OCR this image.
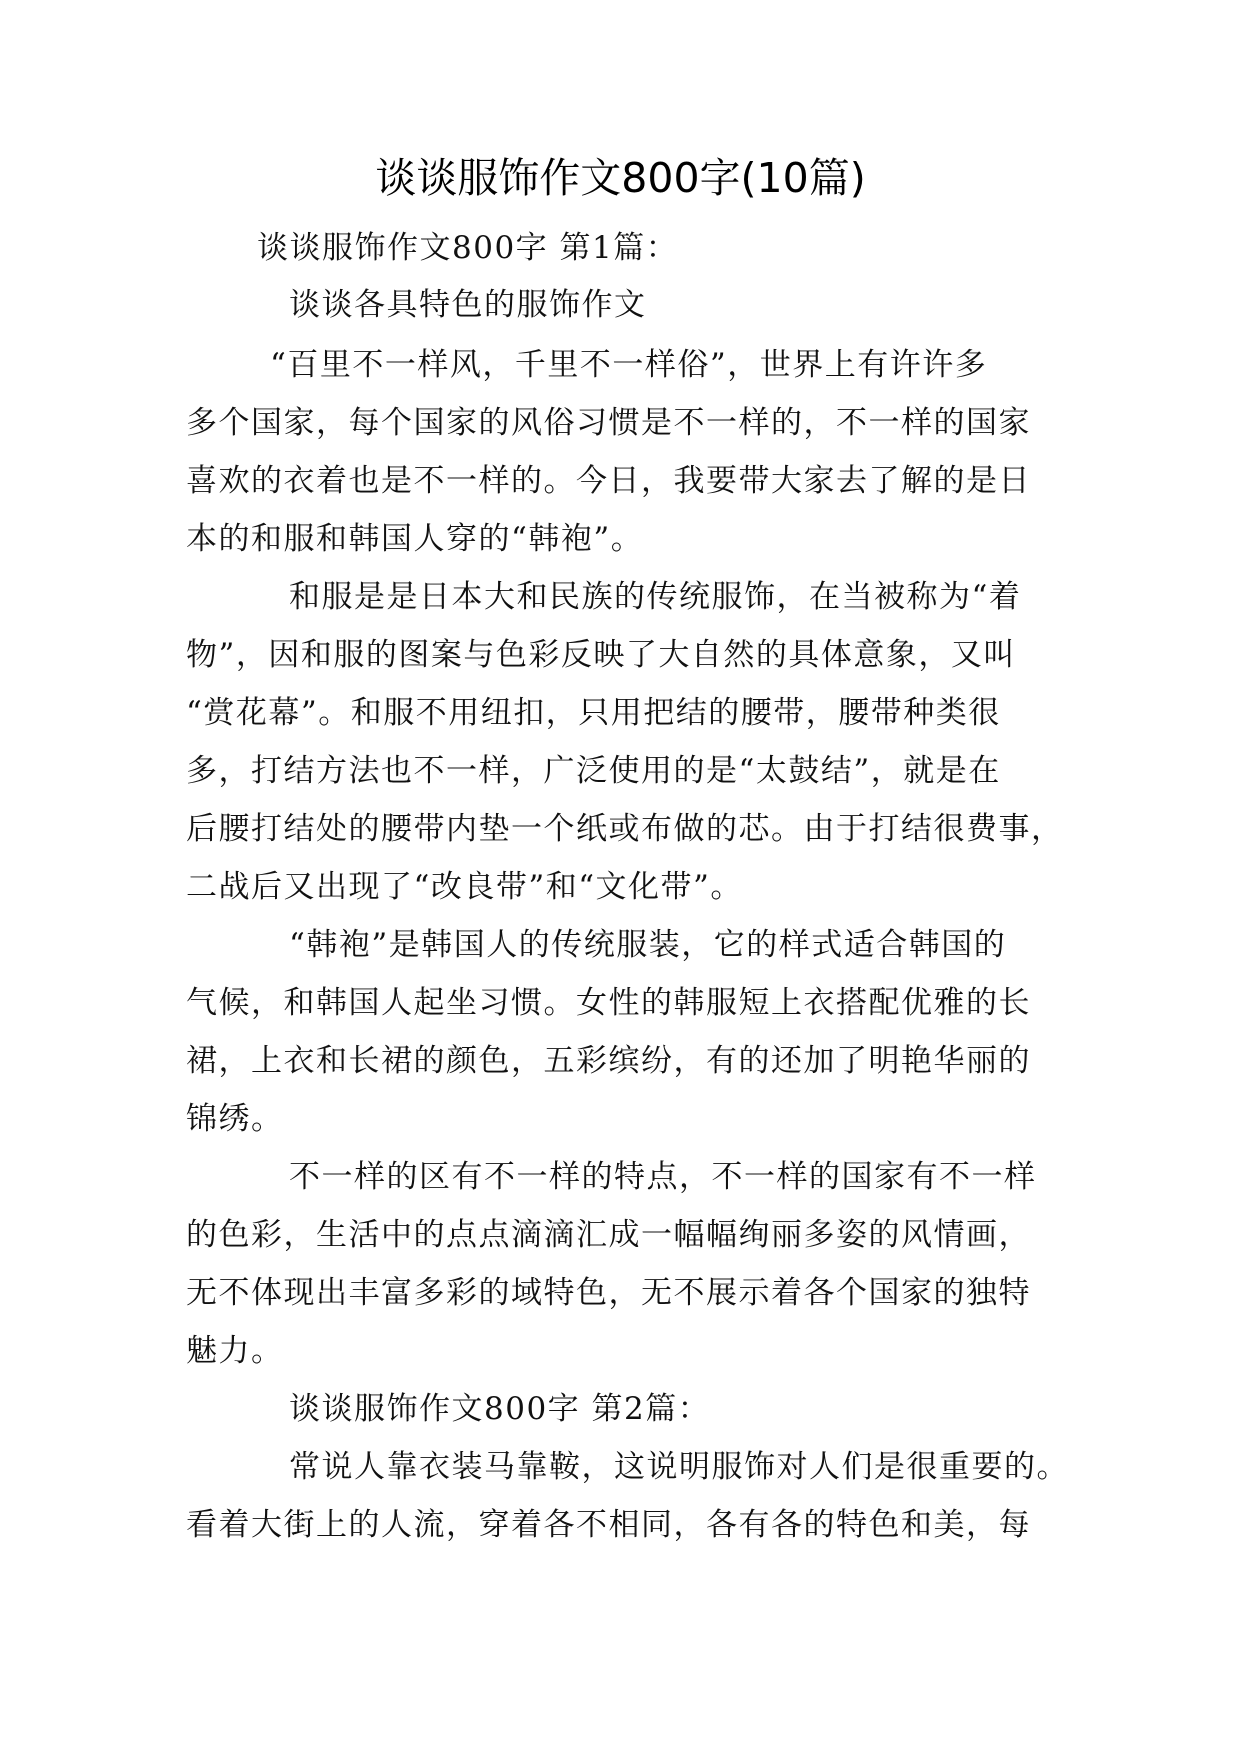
谈谈服饰作文800字(10篇)
谈谈服饰作文800字 第1篇：
谈谈各具特色的服饰作文
“百里不一样风，千里不一样俗”，世界上有许许多
多个国家，每个国家的风俗习惯是不一样的，不一样的国家
喜欢的衣着也是不一样的。今日，我要带大家去了解的是日
本的和服和韩国人穿的“韩袍”。
和服是是日本大和民族的传统服饰，在当被称为“着
物”，因和服的图案与色彩反映了大自然的具体意象，又叫
“赏花幕”。和服不用纽扣，只用把结的腰带，腰带种类很
多，打结方法也不一样，广泛使用的是“太鼓结”，就是在
后腰打结处的腰带内垫一个纸或布做的芯。由于打结很费事，
二战后又出现了“改良带”和“文化带”。
“韩袍”是韩国人的传统服装，它的样式适合韩国的
气候，和韩国人起坐习惯。女性的韩服短上衣搭配优雅的长
裙，上衣和长裙的颜色，五彩缤纷，有的还加了明艳华丽的
锦绣。
不一样的区有不一样的特点，不一样的国家有不一样
的色彩，生活中的点点滴滴汇成一幅幅绚丽多姿的风情画，
无不体现出丰富多彩的域特色，无不展示着各个国家的独特
魅力。
谈谈服饰作文800字 第2篇：
常说人靠衣装马靠鞍，这说明服饰对人们是很重要的。
看着大街上的人流，穿着各不相同，各有各的特色和美，每
